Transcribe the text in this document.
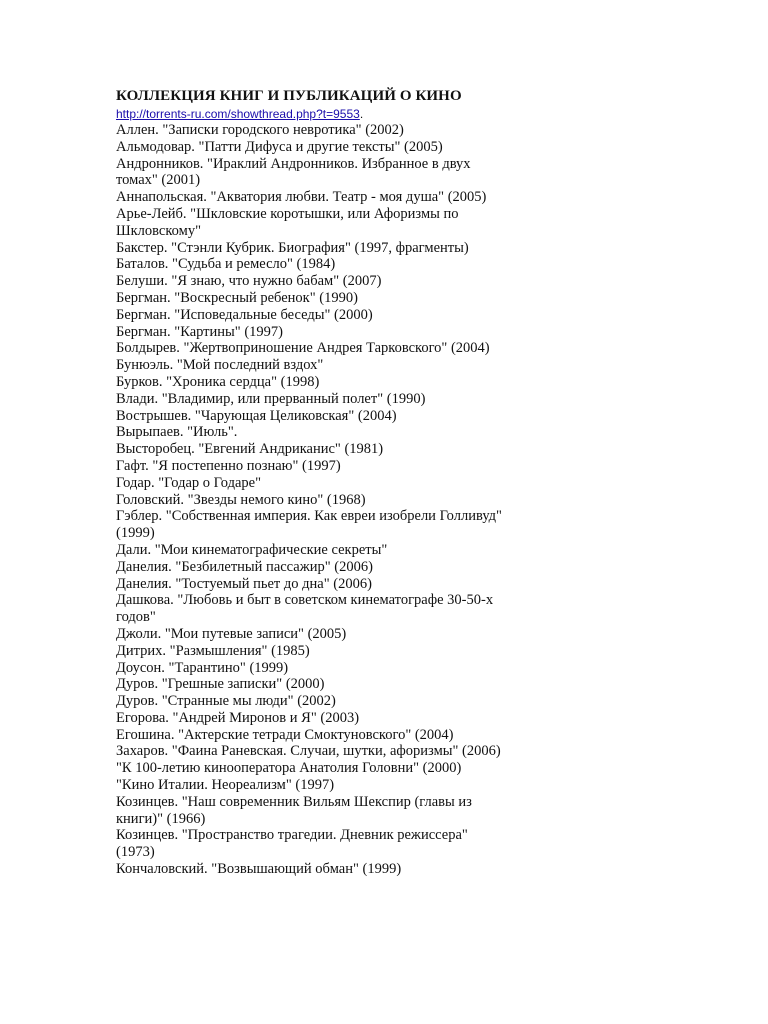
КОЛЛЕКЦИЯ КНИГ И ПУБЛИКАЦИЙ О КИНО
http://torrents-ru.com/showthread.php?t=9553.
Аллен. "Записки городского невротика" (2002)
Альмодовар. "Патти Дифуса и другие тексты" (2005)
Андронников. "Ираклий Андронников. Избранное в двух томах" (2001)
Аннапольская. "Акватория любви. Театр - моя душа" (2005)
Арье-Лейб. "Шкловские коротышки, или Афоризмы по Шкловскому"
Бакстер. "Стэнли Кубрик. Биография" (1997, фрагменты)
Баталов. "Судьба и ремесло" (1984)
Белуши. "Я знаю, что нужно бабам" (2007)
Бергман. "Воскресный ребенок" (1990)
Бергман. "Исповедальные беседы" (2000)
Бергман. "Картины" (1997)
Болдырев. "Жертвоприношение Андрея Тарковского" (2004)
Бунюэль. "Мой последний вздох"
Бурков. "Хроника сердца" (1998)
Влади. "Владимир, или прерванный полет" (1990)
Вострышев. "Чарующая Целиковская" (2004)
Вырыпаев. "Июль".
Высторобец. "Евгений Андриканис" (1981)
Гафт. "Я постепенно познаю" (1997)
Годар. "Годар о Годаре"
Головский. "Звезды немого кино" (1968)
Гэблер. "Собственная империя. Как евреи изобрели Голливуд" (1999)
Дали. "Мои кинематографические секреты"
Данелия. "Безбилетный пассажир" (2006)
Данелия. "Тостуемый пьет до дна" (2006)
Дашкова. "Любовь и быт в советском кинематографе 30-50-х годов"
Джоли. "Мои путевые записи" (2005)
Дитрих. "Размышления" (1985)
Доусон. "Тарантино" (1999)
Дуров. "Грешные записки" (2000)
Дуров. "Странные мы люди" (2002)
Егорова. "Андрей Миронов и Я" (2003)
Егошина. "Актерские тетради Смоктуновского" (2004)
Захаров. "Фаина Раневская. Случаи, шутки, афоризмы" (2006)
"К 100-летию кинооператора Анатолия Головни" (2000)
"Кино Италии. Неореализм" (1997)
Козинцев. "Наш современник Вильям Шекспир (главы из книги)" (1966)
Козинцев. "Пространство трагедии. Дневник режиссера" (1973)
Кончаловский. "Возвышающий обман" (1999)
